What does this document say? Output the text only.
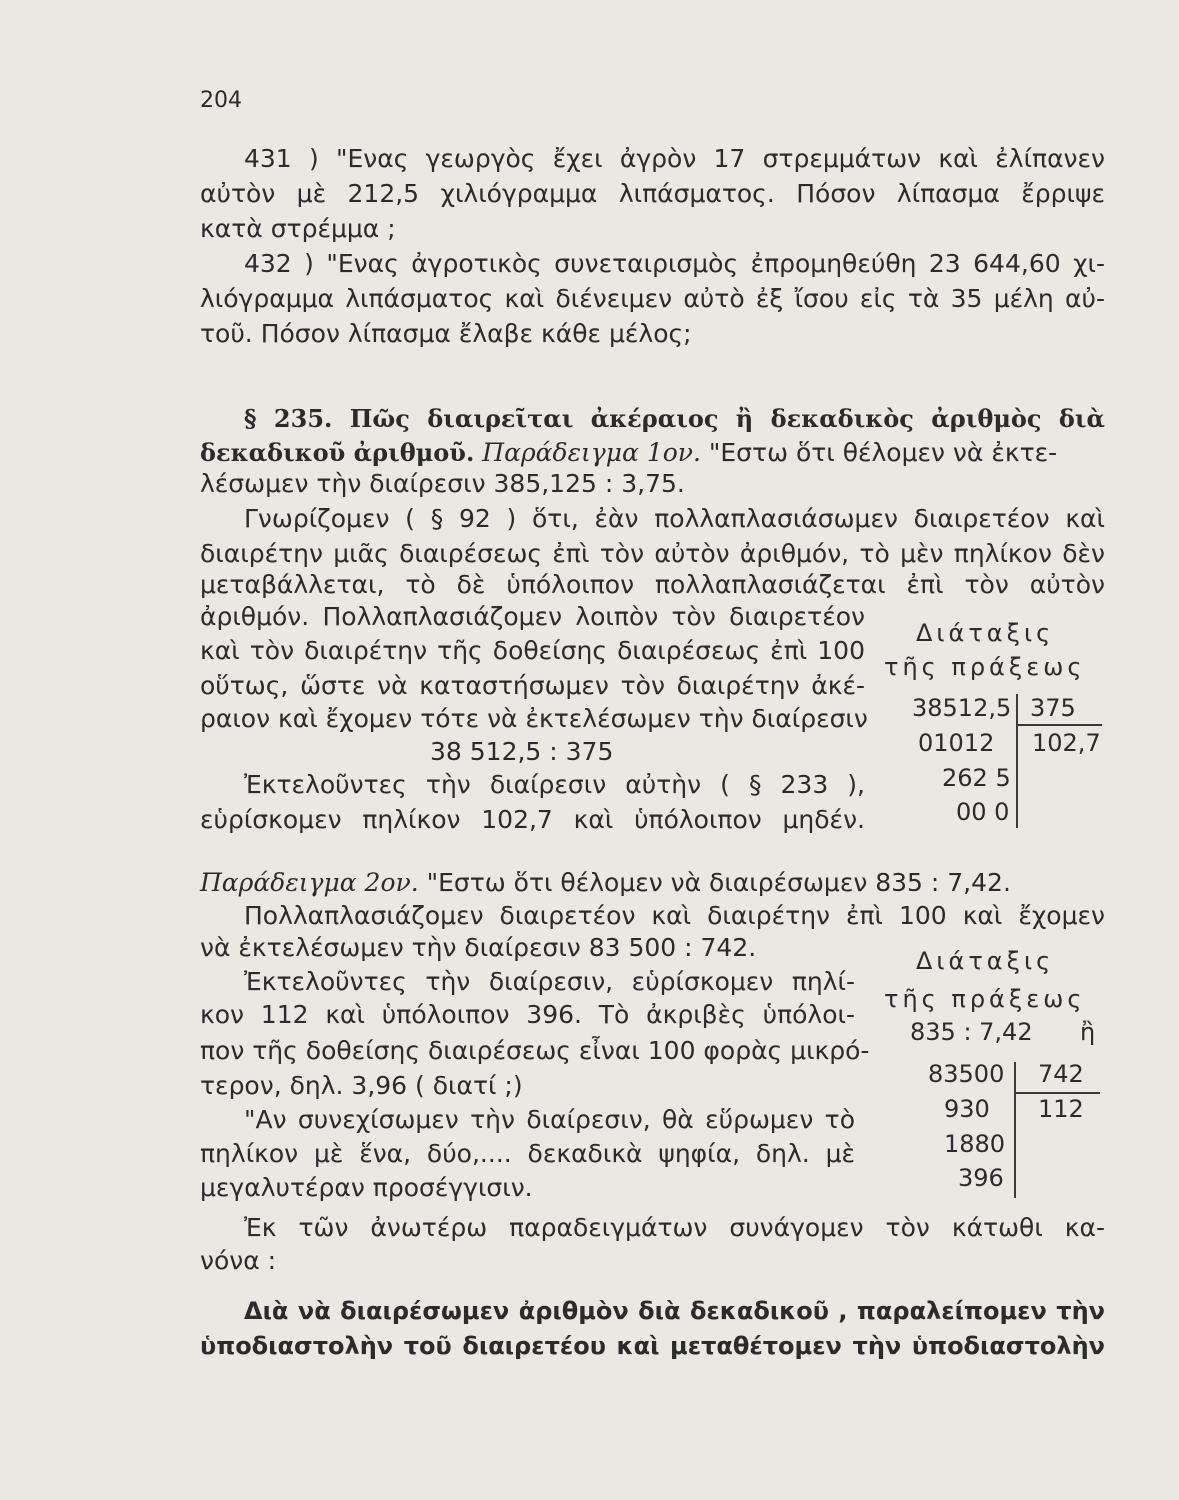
204
431 ) "Ενας γεωργὸς ἔχει ἀγρὸν 17 στρεμμάτων καὶ ἐλίπανεν
αὐτὸν μὲ 212,5 χιλιόγραμμα λιπάσματος. Πόσον λίπασμα ἔρριψε
κατὰ στρέμμα ;
432 ) "Ενας ἀγροτικὸς συνεταιρισμὸς ἐπρομηθεύθη 23 644,60 χι-
λιόγραμμα λιπάσματος καὶ διένειμεν αὐτὸ ἐξ ἴσου εἰς τὰ 35 μέλη αὐ-
τοῦ. Πόσον λίπασμα ἔλαβε κάθε μέλος;
§ 235. Πῶς διαιρεῖται ἀκέραιος ἢ δεκαδικὸς ἀριθμὸς διὰ
δεκαδικοῦ ἀριθμοῦ. Παράδειγμα 1ον. "Εστω ὅτι θέλομεν νὰ ἐκτε-
λέσωμεν τὴν διαίρεσιν 385,125 : 3,75.
Γνωρίζομεν ( § 92 ) ὅτι, ἐὰν πολλαπλασιάσωμεν διαιρετέον καὶ
διαιρέτην μιᾶς διαιρέσεως ἐπὶ τὸν αὐτὸν ἀριθμόν, τὸ μὲν πηλίκον δὲν
μεταβάλλεται, τὸ δὲ ὑπόλοιπον πολλαπλασιάζεται ἐπὶ τὸν αὐτὸν
ἀριθμόν. Πολλαπλασιάζομεν λοιπὸν τὸν διαιρετέον
καὶ τὸν διαιρέτην τῆς δοθείσης διαιρέσεως ἐπὶ 100
οὕτως, ὥστε νὰ καταστήσωμεν τὸν διαιρέτην ἀκέ-
ραιον καὶ ἔχομεν τότε νὰ ἐκτελέσωμεν τὴν διαίρεσιν
38 512,5 : 375
Ἐκτελοῦντες τὴν διαίρεσιν αὐτὴν ( § 233 ),
εὑρίσκομεν πηλίκον 102,7 καὶ ὑπόλοιπον μηδέν.
Διάταξις
τῆς πράξεως
38512,5 375
01012 102,7
262 5
00 0
Παράδειγμα 2ον. "Εστω ὅτι θέλομεν νὰ διαιρέσωμεν 835 : 7,42.
Πολλαπλασιάζομεν διαιρετέον καὶ διαιρέτην ἐπὶ 100 καὶ ἔχομεν
νὰ ἐκτελέσωμεν τὴν διαίρεσιν 83 500 : 742.
Ἐκτελοῦντες τὴν διαίρεσιν, εὑρίσκομεν πηλί-
κον 112 καὶ ὑπόλοιπον 396. Τὸ ἀκριβὲς ὑπόλοι-
πον τῆς δοθείσης διαιρέσεως εἶναι 100 φορὰς μικρό-
τερον, δηλ. 3,96 ( διατί ;)
"Αν συνεχίσωμεν τὴν διαίρεσιν, θὰ εὕρωμεν τὸ
πηλίκον μὲ ἕνα, δύο,.... δεκαδικὰ ψηφία, δηλ. μὲ
μεγαλυτέραν προσέγγισιν.
Διάταξις
τῆς πράξεως
835 : 7,42 ἢ
83500 742
930 112
1880
396
Ἐκ τῶν ἀνωτέρω παραδειγμάτων συνάγομεν τὸν κάτωθι κα-
νόνα :
Διὰ νὰ διαιρέσωμεν ἀριθμὸν διὰ δεκαδικοῦ , παραλείπομεν τὴν
ὑποδιαστολὴν τοῦ διαιρετέου καὶ μεταθέτομεν τὴν ὑποδιαστολὴν
